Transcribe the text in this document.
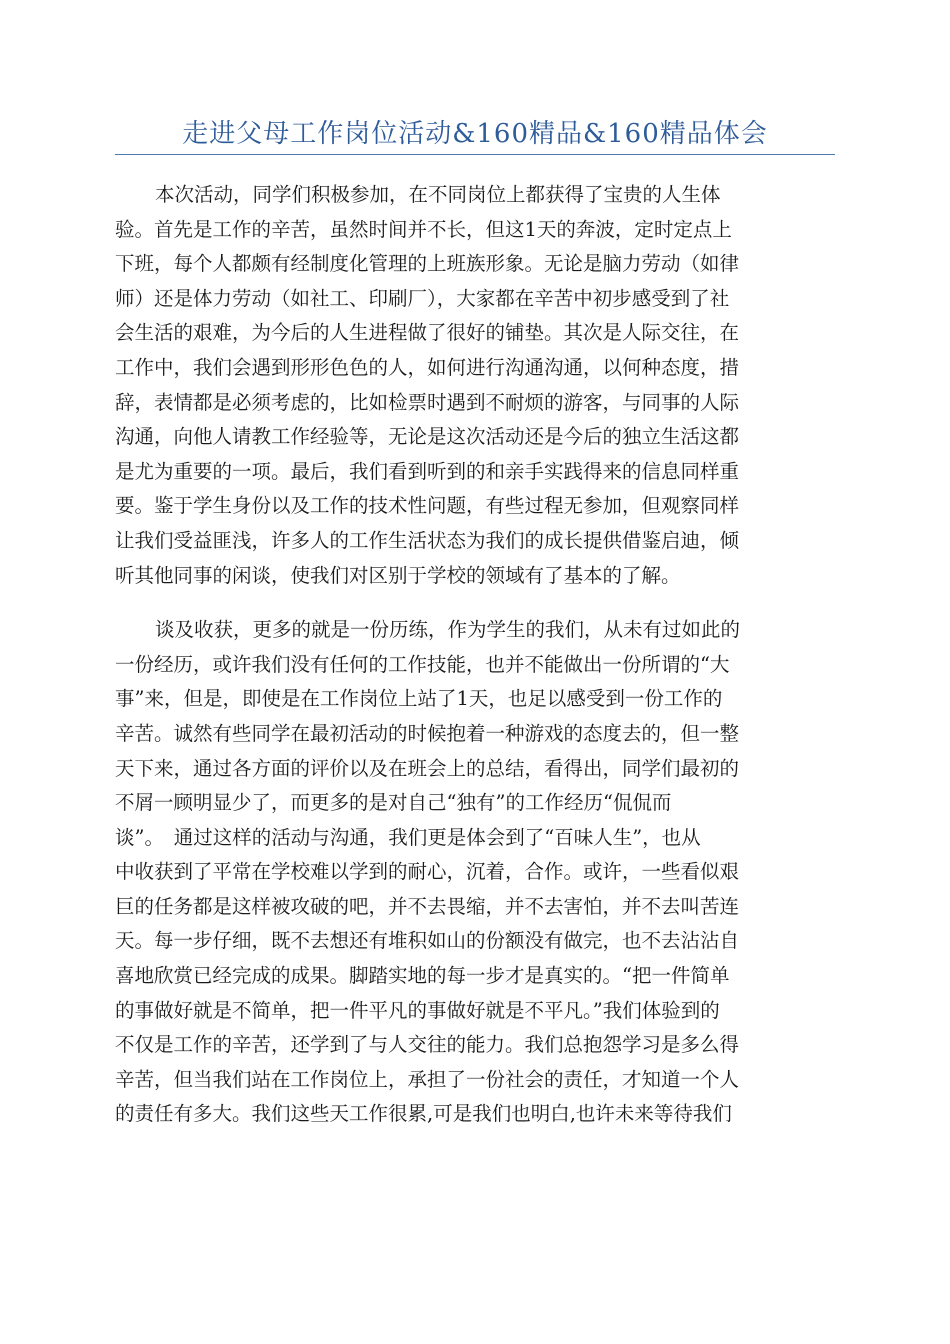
走进父母工作岗位活动&160精品&160精品体会

本次活动，同学们积极参加，在不同岗位上都获得了宝贵的人生体
验。首先是工作的辛苦，虽然时间并不长，但这1天的奔波，定时定点上
下班，每个人都颇有经制度化管理的上班族形象。无论是脑力劳动（如律
师）还是体力劳动（如社工、印刷厂），大家都在辛苦中初步感受到了社
会生活的艰难，为今后的人生进程做了很好的铺垫。其次是人际交往，在
工作中，我们会遇到形形色色的人，如何进行沟通沟通，以何种态度，措
辞，表情都是必须考虑的，比如检票时遇到不耐烦的游客，与同事的人际
沟通，向他人请教工作经验等，无论是这次活动还是今后的独立生活这都
是尤为重要的一项。最后，我们看到听到的和亲手实践得来的信息同样重
要。鉴于学生身份以及工作的技术性问题，有些过程无参加，但观察同样
让我们受益匪浅，许多人的工作生活状态为我们的成长提供借鉴启迪，倾
听其他同事的闲谈，使我们对区别于学校的领域有了基本的了解。

谈及收获，更多的就是一份历练，作为学生的我们，从未有过如此的
一份经历，或许我们没有任何的工作技能，也并不能做出一份所谓的“大
事”来，但是，即使是在工作岗位上站了1天，也足以感受到一份工作的
辛苦。诚然有些同学在最初活动的时候抱着一种游戏的态度去的，但一整
天下来，通过各方面的评价以及在班会上的总结，看得出，同学们最初的
不屑一顾明显少了，而更多的是对自己“独有”的工作经历“侃侃而
谈”。　通过这样的活动与沟通，我们更是体会到了“百味人生”，也从
中收获到了平常在学校难以学到的耐心，沉着，合作。或许，一些看似艰
巨的任务都是这样被攻破的吧，并不去畏缩，并不去害怕，并不去叫苦连
天。每一步仔细，既不去想还有堆积如山的份额没有做完，也不去沾沾自
喜地欣赏已经完成的成果。脚踏实地的每一步才是真实的。“把一件简单
的事做好就是不简单，把一件平凡的事做好就是不平凡。”我们体验到的
不仅是工作的辛苦，还学到了与人交往的能力。我们总抱怨学习是多么得
辛苦，但当我们站在工作岗位上，承担了一份社会的责任，才知道一个人
的责任有多大。我们这些天工作很累,可是我们也明白,也许未来等待我们
